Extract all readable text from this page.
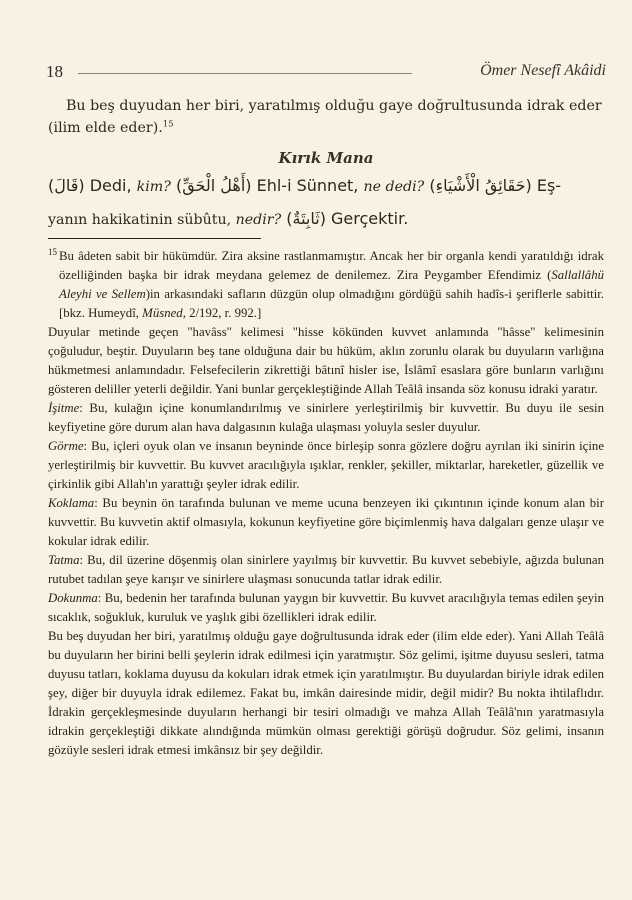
18	Ömer Nesefî Akâidi

Bu beş duyudan her biri, yaratılmış olduğu gaye doğrultusunda idrak eder (ilim elde eder).$^{15}$

Kırık Mana

(قَالَ) Dedi, kim? (أَهْلُ الْحَقِّ) Ehl-i Sünnet, ne dedi? (حَقَائِقُ الْأَشْيَاءِ) Eş-

yanın hakikatinin sübûtu, nedir? (ثَابِتَةٌ) Gerçektir.

$^{15}$ Bu âdeten sabit bir hükümdür. Zira aksine rastlanmamıştır. Ancak her bir organla kendi yaratıldığı idrak özelliğinden başka bir idrak meydana gelemez de denilemez. Zira Peygamber Efendimiz (Sallallâhü Aleyhi ve Sellem)in arkasındaki safların düzgün olup olmadığını gördüğü sahih hadîs-i şeriflerle sabittir. [bkz. Humeydî, Müsned, 2/192, r. 992.]

Duyular metinde geçen "havâss" kelimesi "hisse kökünden kuvvet anlamında "hâsse" kelimesinin çoğuludur, beştir. Duyuların beş tane olduğuna dair bu hüküm, aklın zorunlu olarak bu duyuların varlığına hükmetmesi anlamındadır. Felsefecilerin zikrettiği bâtınî hisler ise, İslâmî esaslara göre bunların varlığını gösteren deliller yeterli değildir. Yani bunlar gerçekleştiğinde Allah Teâlâ insanda söz konusu idraki yaratır.

İşitme: Bu, kulağın içine konumlandırılmış ve sinirlere yerleştirilmiş bir kuvvettir. Bu duyu ile sesin keyfiyetine göre durum alan hava dalgasının kulağa ulaşması yoluyla sesler duyulur.

Görme: Bu, içleri oyuk olan ve insanın beyninde önce birleşip sonra gözlere doğru ayrılan iki sinirin içine yerleştirilmiş bir kuvvettir. Bu kuvvet aracılığıyla ışıklar, renkler, şekiller, miktarlar, hareketler, güzellik ve çirkinlik gibi Allah'ın yarattığı şeyler idrak edilir.

Koklama: Bu beynin ön tarafında bulunan ve meme ucuna benzeyen iki çıkıntının içinde konum alan bir kuvvettir. Bu kuvvetin aktif olmasıyla, kokunun keyfiyetine göre biçimlenmiş hava dalgaları genze ulaşır ve kokular idrak edilir.

Tatma: Bu, dil üzerine döşenmiş olan sinirlere yayılmış bir kuvvettir. Bu kuvvet sebebiyle, ağızda bulunan rutubet tadılan şeye karışır ve sinirlere ulaşması sonucunda tatlar idrak edilir.

Dokunma: Bu, bedenin her tarafında bulunan yaygın bir kuvvettir. Bu kuvvet aracılığıyla temas edilen şeyin sıcaklık, soğukluk, kuruluk ve yaşlık gibi özellikleri idrak edilir.

Bu beş duyudan her biri, yaratılmış olduğu gaye doğrultusunda idrak eder (ilim elde eder). Yani Allah Teâlâ bu duyuların her birini belli şeylerin idrak edilmesi için yaratmıştır. Söz gelimi, işitme duyusu sesleri, tatma duyusu tatları, koklama duyusu da kokuları idrak etmek için yaratılmıştır. Bu duyulardan biriyle idrak edilen şey, diğer bir duyuyla idrak edilemez. Fakat bu, imkân dairesinde midir, değil midir? Bu nokta ihtilaflıdır. İdrakin gerçekleşmesinde duyuların herhangi bir tesiri olmadığı ve mahza Allah Teâlâ'nın yaratmasıyla idrakin gerçekleştiği dikkate alındığında mümkün olması gerektiği görüşü doğrudur. Söz gelimi, insanın gözüyle sesleri idrak etmesi imkânsız bir şey değildir.
